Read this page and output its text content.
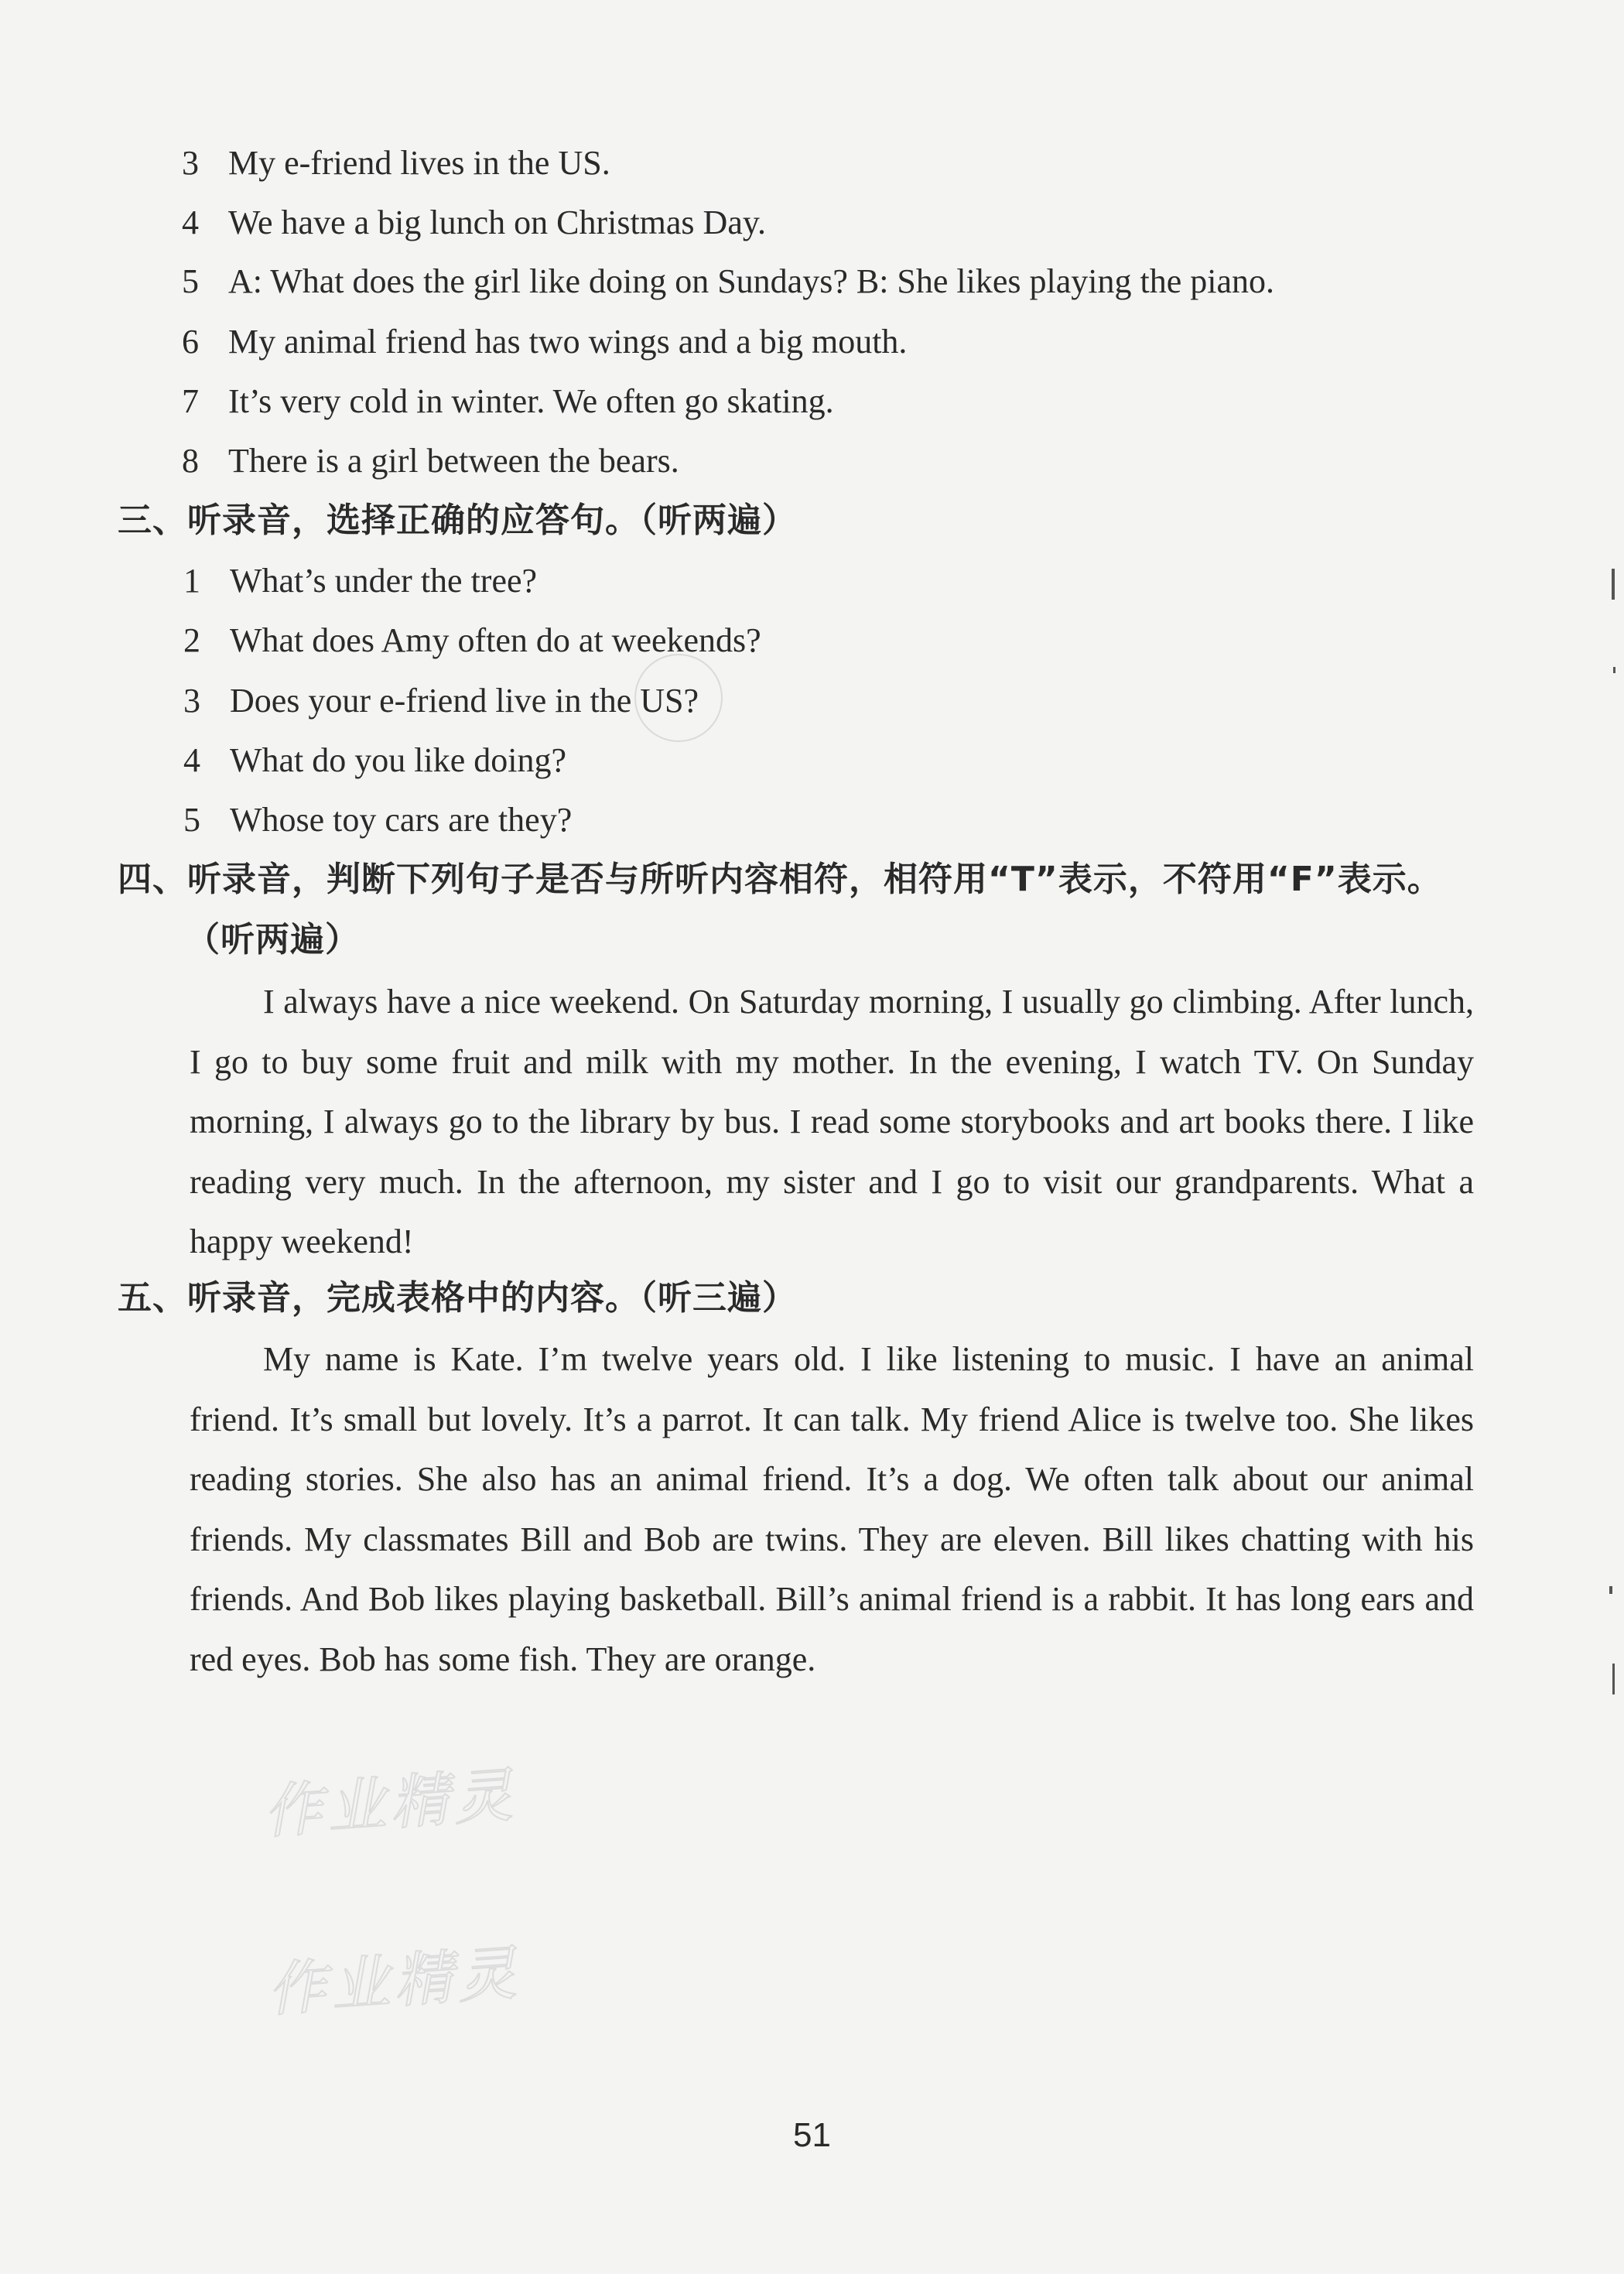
3 My e-friend lives in the US.
4 We have a big lunch on Christmas Day.
5 A: What does the girl like doing on Sundays? B: She likes playing the piano.
6 My animal friend has two wings and a big mouth.
7 It’s very cold in winter. We often go skating.
8 There is a girl between the bears.
三、听录音，选择正确的应答句。（听两遍）
1 What’s under the tree?
2 What does Amy often do at weekends?
3 Does your e-friend live in the US?
4 What do you like doing?
5 Whose toy cars are they?
四、听录音，判断下列句子是否与所听内容相符，相符用“T”表示，不符用“F”表示。
（听两遍）

I always have a nice weekend. On Saturday morning, I usually go climbing. After lunch, I go to buy some fruit and milk with my mother. In the evening, I watch TV. On Sunday morning, I always go to the library by bus. I read some storybooks and art books there. I like reading very much. In the afternoon, my sister and I go to visit our grandparents. What a happy weekend!

五、听录音，完成表格中的内容。（听三遍）

My name is Kate. I’m twelve years old. I like listening to music. I have an animal friend. It’s small but lovely. It’s a parrot. It can talk. My friend Alice is twelve too. She likes reading stories. She also has an animal friend. It’s a dog. We often talk about our animal friends. My classmates Bill and Bob are twins. They are eleven. Bill likes chatting with his friends. And Bob likes playing basketball. Bill’s animal friend is a rabbit. It has long ears and red eyes. Bob has some fish. They are orange.

作业精灵
作业精灵
51
